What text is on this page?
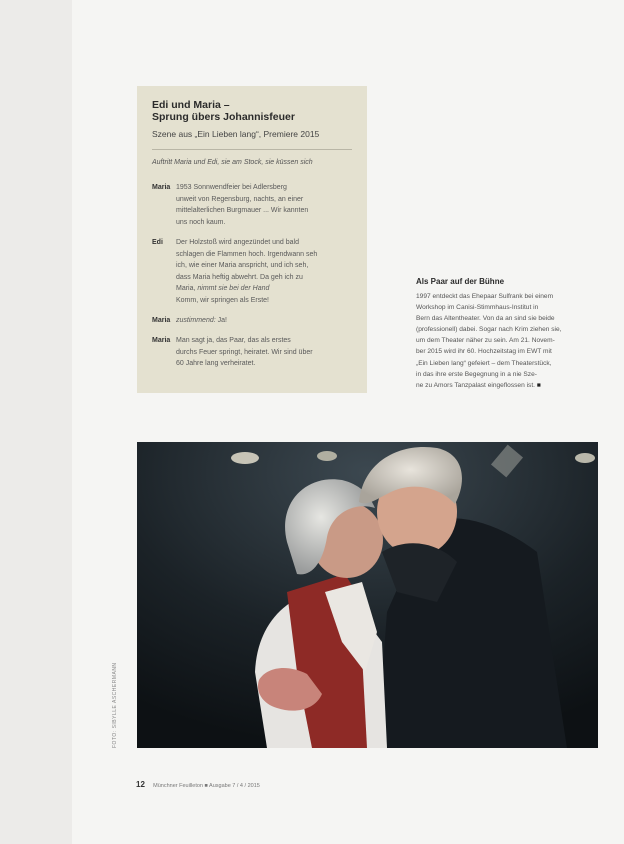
Edi und Maria –
Sprung übers Johannisfeuer
Szene aus „Ein Lieben lang“, Premiere 2015
Auftritt Maria und Edi, sie am Stock, sie küssen sich
Maria 1953 Sonnwendfeier bei Adlersberg
unweit von Regensburg, nachts, an einer
mittelalterlichen Burgmauer ... Wir kannten
uns noch kaum.
Edi Der Holzstoß wird angezündet und bald
schlagen die Flammen hoch. Irgendwann seh
ich, wie einer Maria anspricht, und ich seh,
dass Maria heftig abwehrt. Da geh ich zu
Maria, nimmt sie bei der Hand
Komm, wir springen als Erste!
Maria zustimmend: Ja!
Maria Man sagt ja, das Paar, das als erstes
durchs Feuer springt, heiratet. Wir sind über
60 Jahre lang verheiratet.
Als Paar auf der Bühne
1997 entdeckt das Ehepaar Sulfrank bei einem
Workshop im Canisi-Stimmhaus-Institut in
Bern das Altentheater. Von da an sind sie beide
(professionell) dabei. Sogar nach Krim ziehen sie,
um dem Theater näher zu sein. Am 21. Novem-
ber 2015 wird ihr 60. Hochzeitstag im EWT mit
„Ein Lieben lang“ gefeiert – dem Theaterstück,
in das ihre erste Begegnung in a nie Sze-
ne zu Amors Tanzpalast eingeflossen ist. ■
FOTO: SIBYLLE ASCHERMANN
12 Münchner Feuilleton ■ Ausgabe 7 / 4 / 2015
